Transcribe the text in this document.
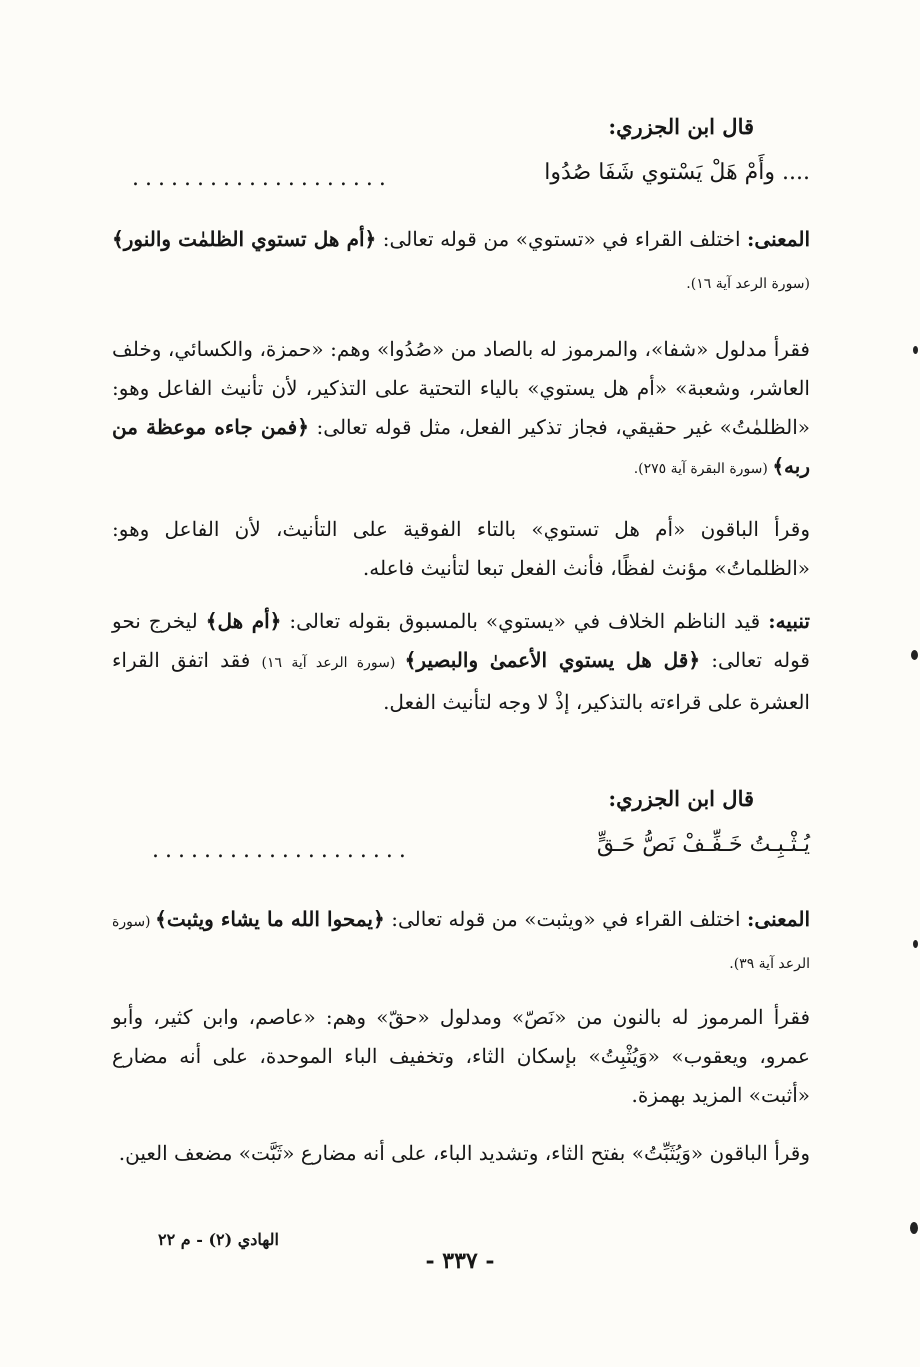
قال ابن الجزري:
.... وأَمْ هَلْ يَسْتوي شَفَا صُدُوا
....................

المعنى: اختلف القراء في «تستوي» من قوله تعالى: ﴿أم هل تستوي الظلمٰت والنور﴾ (سورة الرعد آية ١٦).

فقرأ مدلول «شفا»، والمرموز له بالصاد من «صُدُوا» وهم: «حمزة، والكسائي، وخلف العاشر، وشعبة» «أم هل يستوي» بالياء التحتية على التذكير، لأن تأنيث الفاعل وهو: «الظلمٰتُ» غير حقيقي، فجاز تذكير الفعل، مثل قوله تعالى: ﴿فمن جاءه موعظة من ربه﴾ (سورة البقرة آية ٢٧٥).

وقرأ الباقون «أم هل تستوي» بالتاء الفوقية على التأنيث، لأن الفاعل وهو: «الظلماتُ» مؤنث لفظًا، فأنث الفعل تبعا لتأنيث فاعله.

تنبيه: قيد الناظم الخلاف في «يستوي» بالمسبوق بقوله تعالى: ﴿أم هل﴾ ليخرج نحو قوله تعالى: ﴿قل هل يستوي الأعمىٰ والبصير﴾ (سورة الرعد آية ١٦) فقد اتفق القراء العشرة على قراءته بالتذكير، إذْ لا وجه لتأنيث الفعل.

قال ابن الجزري:
يُـثْـبِـتُ خَـفِّـفْ نَصُّ حَـقٍّ
....................

المعنى: اختلف القراء في «ويثبت» من قوله تعالى: ﴿يمحوا الله ما يشاء ويثبت﴾ (سورة الرعد آية ٣٩).

فقرأ المرموز له بالنون من «نَصّ» ومدلول «حقّ» وهم: «عاصم، وابن كثير، وأبو عمرو، ويعقوب» «وَيُثْبِتُ» بإسكان الثاء، وتخفيف الباء الموحدة، على أنه مضارع «أثبت» المزيد بهمزة.

وقرأ الباقون «وَيُثَبِّتُ» بفتح الثاء، وتشديد الباء، على أنه مضارع «ثَبَّت» مضعف العين.

الهادي (٢) - م ٢٢
- ٣٣٧ -
